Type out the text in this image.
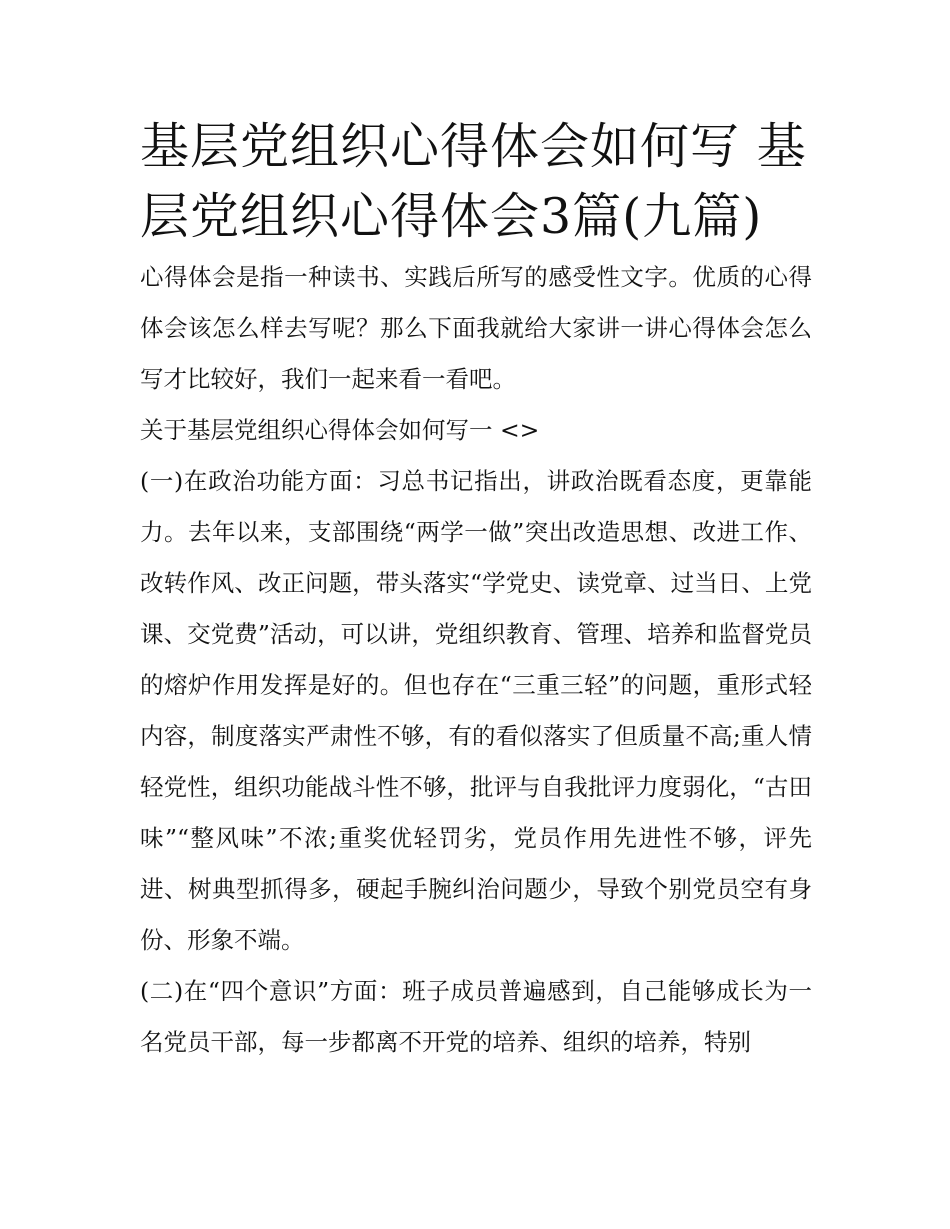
基层党组织心得体会如何写 基层党组织心得体会3篇(九篇)

心得体会是指一种读书、实践后所写的感受性文字。优质的心得体会该怎么样去写呢？那么下面我就给大家讲一讲心得体会怎么写才比较好，我们一起来看一看吧。

关于基层党组织心得体会如何写一 <>

(一)在政治功能方面：习总书记指出，讲政治既看态度，更靠能力。去年以来，支部围绕“两学一做”突出改造思想、改进工作、改转作风、改正问题，带头落实“学党史、读党章、过当日、上党课、交党费”活动，可以讲，党组织教育、管理、培养和监督党员的熔炉作用发挥是好的。但也存在“三重三轻”的问题，重形式轻内容，制度落实严肃性不够，有的看似落实了但质量不高;重人情轻党性，组织功能战斗性不够，批评与自我批评力度弱化，“古田味”“整风味”不浓;重奖优轻罚劣，党员作用先进性不够，评先进、树典型抓得多，硬起手腕纠治问题少，导致个别党员空有身份、形象不端。

(二)在“四个意识”方面：班子成员普遍感到，自己能够成长为一名党员干部，每一步都离不开党的培养、组织的培养，特别
